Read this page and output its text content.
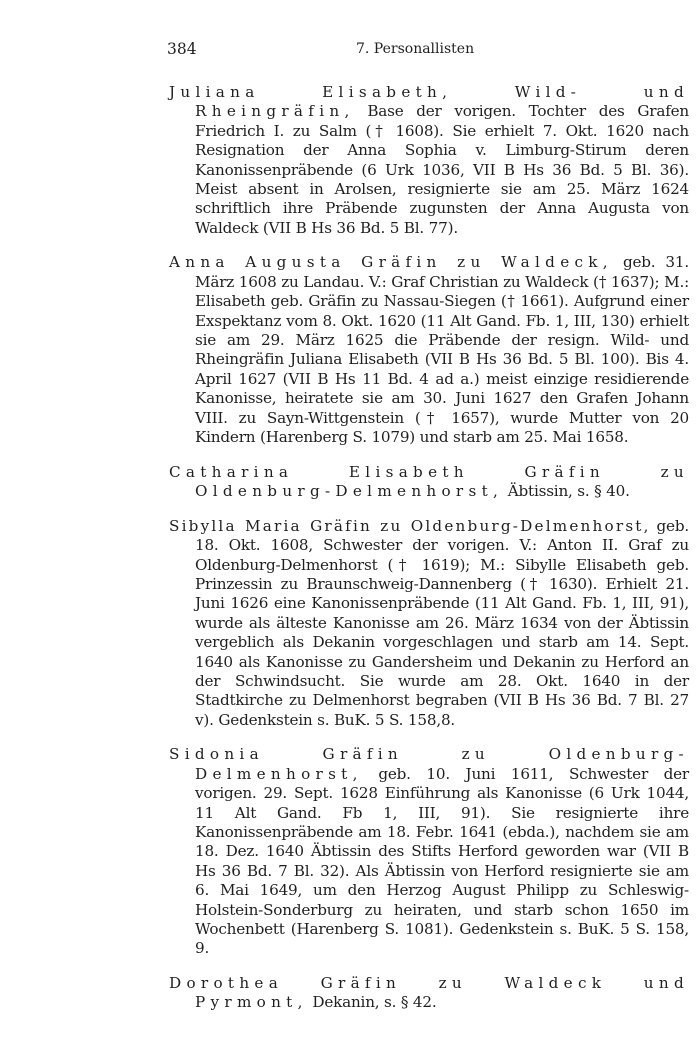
384	7. Personallisten

Juliana Elisabeth, Wild- und Rheingräfin, Base der vorigen. Tochter des Grafen Friedrich I. zu Salm († 1608). Sie erhielt 7. Okt. 1620 nach Resignation der Anna Sophia v. Limburg-Stirum deren Kanonissenpräbende (6 Urk 1036, VII B Hs 36 Bd. 5 Bl. 36). Meist absent in Arolsen, resignierte sie am 25. März 1624 schriftlich ihre Präbende zugunsten der Anna Augusta von Waldeck (VII B Hs 36 Bd. 5 Bl. 77).

Anna Augusta Gräfin zu Waldeck, geb. 31. März 1608 zu Landau. V.: Graf Christian zu Waldeck († 1637); M.: Elisabeth geb. Gräfin zu Nassau-Siegen († 1661). Aufgrund einer Exspektanz vom 8. Okt. 1620 (11 Alt Gand. Fb. 1, III, 130) erhielt sie am 29. März 1625 die Präbende der resign. Wild- und Rheingräfin Juliana Elisabeth (VII B Hs 36 Bd. 5 Bl. 100). Bis 4. April 1627 (VII B Hs 11 Bd. 4 ad a.) meist einzige residierende Kanonisse, heiratete sie am 30. Juni 1627 den Grafen Johann VIII. zu Sayn-Wittgenstein († 1657), wurde Mutter von 20 Kindern (Harenberg S. 1079) und starb am 25. Mai 1658.

Catharina Elisabeth Gräfin zu Oldenburg-Delmenhorst, Äbtissin, s. § 40.

Sibylla Maria Gräfin zu Oldenburg-Delmenhorst, geb. 18. Okt. 1608, Schwester der vorigen. V.: Anton II. Graf zu Oldenburg-Delmenhorst († 1619); M.: Sibylle Elisabeth geb. Prinzessin zu Braunschweig-Dannenberg († 1630). Erhielt 21. Juni 1626 eine Kanonissenpräbende (11 Alt Gand. Fb. 1, III, 91), wurde als älteste Kanonisse am 26. März 1634 von der Äbtissin vergeblich als Dekanin vorgeschlagen und starb am 14. Sept. 1640 als Kanonisse zu Gandersheim und Dekanin zu Herford an der Schwindsucht. Sie wurde am 28. Okt. 1640 in der Stadtkirche zu Delmenhorst begraben (VII B Hs 36 Bd. 7 Bl. 27 v). Gedenkstein s. BuK. 5 S. 158,8.

Sidonia Gräfin zu Oldenburg-Delmenhorst, geb. 10. Juni 1611, Schwester der vorigen. 29. Sept. 1628 Einführung als Kanonisse (6 Urk 1044, 11 Alt Gand. Fb 1, III, 91). Sie resignierte ihre Kanonissenpräbende am 18. Febr. 1641 (ebda.), nachdem sie am 18. Dez. 1640 Äbtissin des Stifts Herford geworden war (VII B Hs 36 Bd. 7 Bl. 32). Als Äbtissin von Herford resignierte sie am 6. Mai 1649, um den Herzog August Philipp zu Schleswig-Holstein-Sonderburg zu heiraten, und starb schon 1650 im Wochenbett (Harenberg S. 1081). Gedenkstein s. BuK. 5 S. 158, 9.

Dorothea Gräfin zu Waldeck und Pyrmont, Dekanin, s. § 42.
